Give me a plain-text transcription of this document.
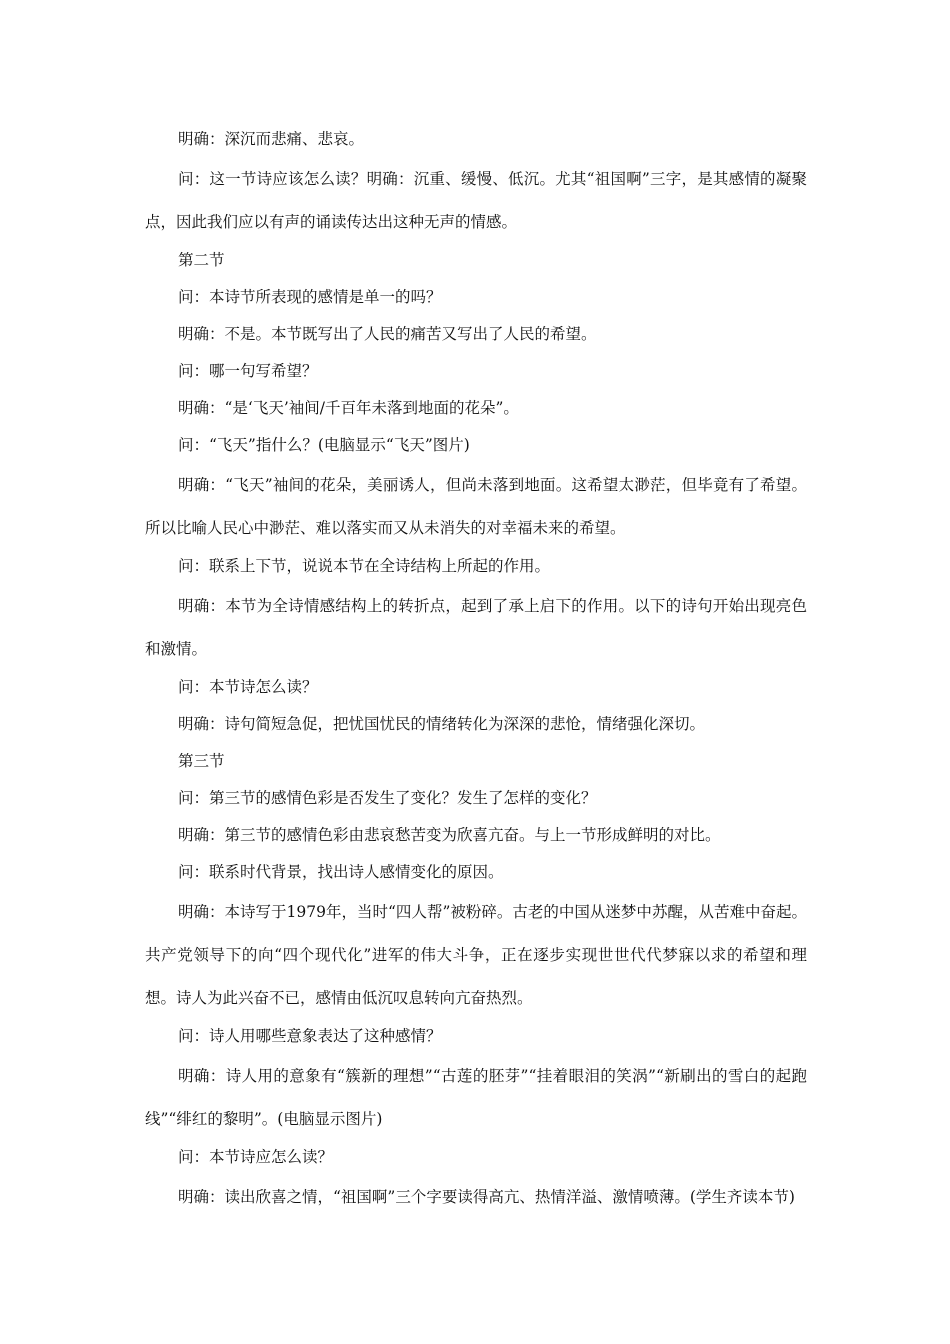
明确：深沉而悲痛、悲哀。

问：这一节诗应该怎么读？明确：沉重、缓慢、低沉。尤其“祖国啊”三字，是其感情的凝聚点，因此我们应以有声的诵读传达出这种无声的情感。

第二节

问：本诗节所表现的感情是单一的吗？

明确：不是。本节既写出了人民的痛苦又写出了人民的希望。

问：哪一句写希望？

明确：“是‘飞天’袖间/千百年未落到地面的花朵”。

问：“飞天”指什么？(电脑显示“飞天”图片)

明确：“飞天”袖间的花朵，美丽诱人，但尚未落到地面。这希望太渺茫，但毕竟有了希望。所以比喻人民心中渺茫、难以落实而又从未消失的对幸福未来的希望。

问：联系上下节，说说本节在全诗结构上所起的作用。

明确：本节为全诗情感结构上的转折点，起到了承上启下的作用。以下的诗句开始出现亮色和激情。

问：本节诗怎么读？

明确：诗句简短急促，把忧国忧民的情绪转化为深深的悲怆，情绪强化深切。

第三节

问：第三节的感情色彩是否发生了变化？发生了怎样的变化？

明确：第三节的感情色彩由悲哀愁苦变为欣喜亢奋。与上一节形成鲜明的对比。

问：联系时代背景，找出诗人感情变化的原因。

明确：本诗写于1979年，当时“四人帮”被粉碎。古老的中国从迷梦中苏醒，从苦难中奋起。共产党领导下的向“四个现代化”进军的伟大斗争，正在逐步实现世世代代梦寐以求的希望和理想。诗人为此兴奋不已，感情由低沉叹息转向亢奋热烈。

问：诗人用哪些意象表达了这种感情？

明确：诗人用的意象有“簇新的理想”“古莲的胚芽”“挂着眼泪的笑涡”“新刷出的雪白的起跑线”“绯红的黎明”。(电脑显示图片)

问：本节诗应怎么读？

明确：读出欣喜之情，“祖国啊”三个字要读得高亢、热情洋溢、激情喷薄。(学生齐读本节)
